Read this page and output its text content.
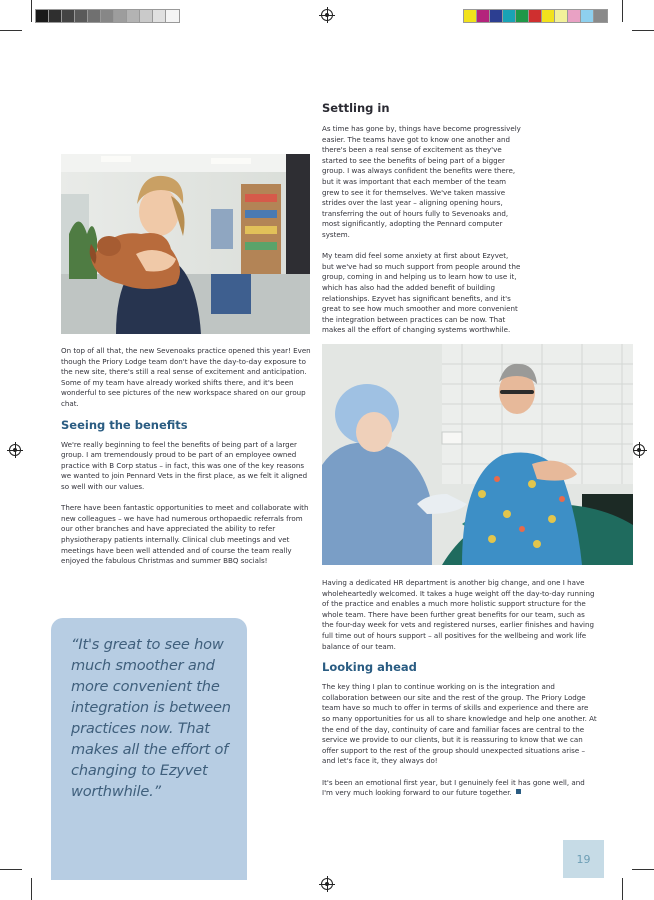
On top of all that, the new Sevenoaks practice opened this year! Even though the Priory Lodge team don't have the day-to-day exposure to the new site, there's still a real sense of excitement and anticipation. Some of my team have already worked shifts there, and it's been wonderful to see pictures of the new workspace shared on our group chat.

Seeing the benefits

We're really beginning to feel the benefits of being part of a larger group. I am tremendously proud to be part of an employee owned practice with B Corp status – in fact, this was one of the key reasons we wanted to join Pennard Vets in the first place, as we felt it aligned so well with our values.

There have been fantastic opportunities to meet and collaborate with new colleagues – we have had numerous orthopaedic referrals from our other branches and have appreciated the ability to refer physiotherapy patients internally. Clinical club meetings and vet meetings have been well attended and of course the team really enjoyed the fabulous Christmas and summer BBQ socials!

“It's great to see how much smoother and more convenient the integration is between practices now. That makes all the effort of changing to Ezyvet worthwhile.”
Settling in

As time has gone by, things have become progressively easier. The teams have got to know one another and there's been a real sense of excitement as they've started to see the benefits of being part of a bigger group. I was always confident the benefits were there, but it was important that each member of the team grew to see it for themselves. We've taken massive strides over the last year – aligning opening hours, transferring the out of hours fully to Sevenoaks and, most significantly, adopting the Pennard computer system.

My team did feel some anxiety at first about Ezyvet, but we've had so much support from people around the group, coming in and helping us to learn how to use it, which has also had the added benefit of building relationships. Ezyvet has significant benefits, and it's great to see how much smoother and more convenient the integration between practices can be now. That makes all the effort of changing systems worthwhile.

Having a dedicated HR department is another big change, and one I have wholeheartedly welcomed. It takes a huge weight off the day-to-day running of the practice and enables a much more holistic support structure for the whole team. There have been further great benefits for our team, such as the four-day week for vets and registered nurses, earlier finishes and having full time out of hours support – all positives for the wellbeing and work life balance of our team.

Looking ahead

The key thing I plan to continue working on is the integration and collaboration between our site and the rest of the group. The Priory Lodge team have so much to offer in terms of skills and experience and there are so many opportunities for us all to share knowledge and help one another. At the end of the day, continuity of care and familiar faces are central to the service we provide to our clients, but it is reassuring to know that we can offer support to the rest of the group should unexpected situations arise – and let's face it, they always do!

It's been an emotional first year, but I genuinely feel it has gone well, and I'm very much looking forward to our future together.

19
